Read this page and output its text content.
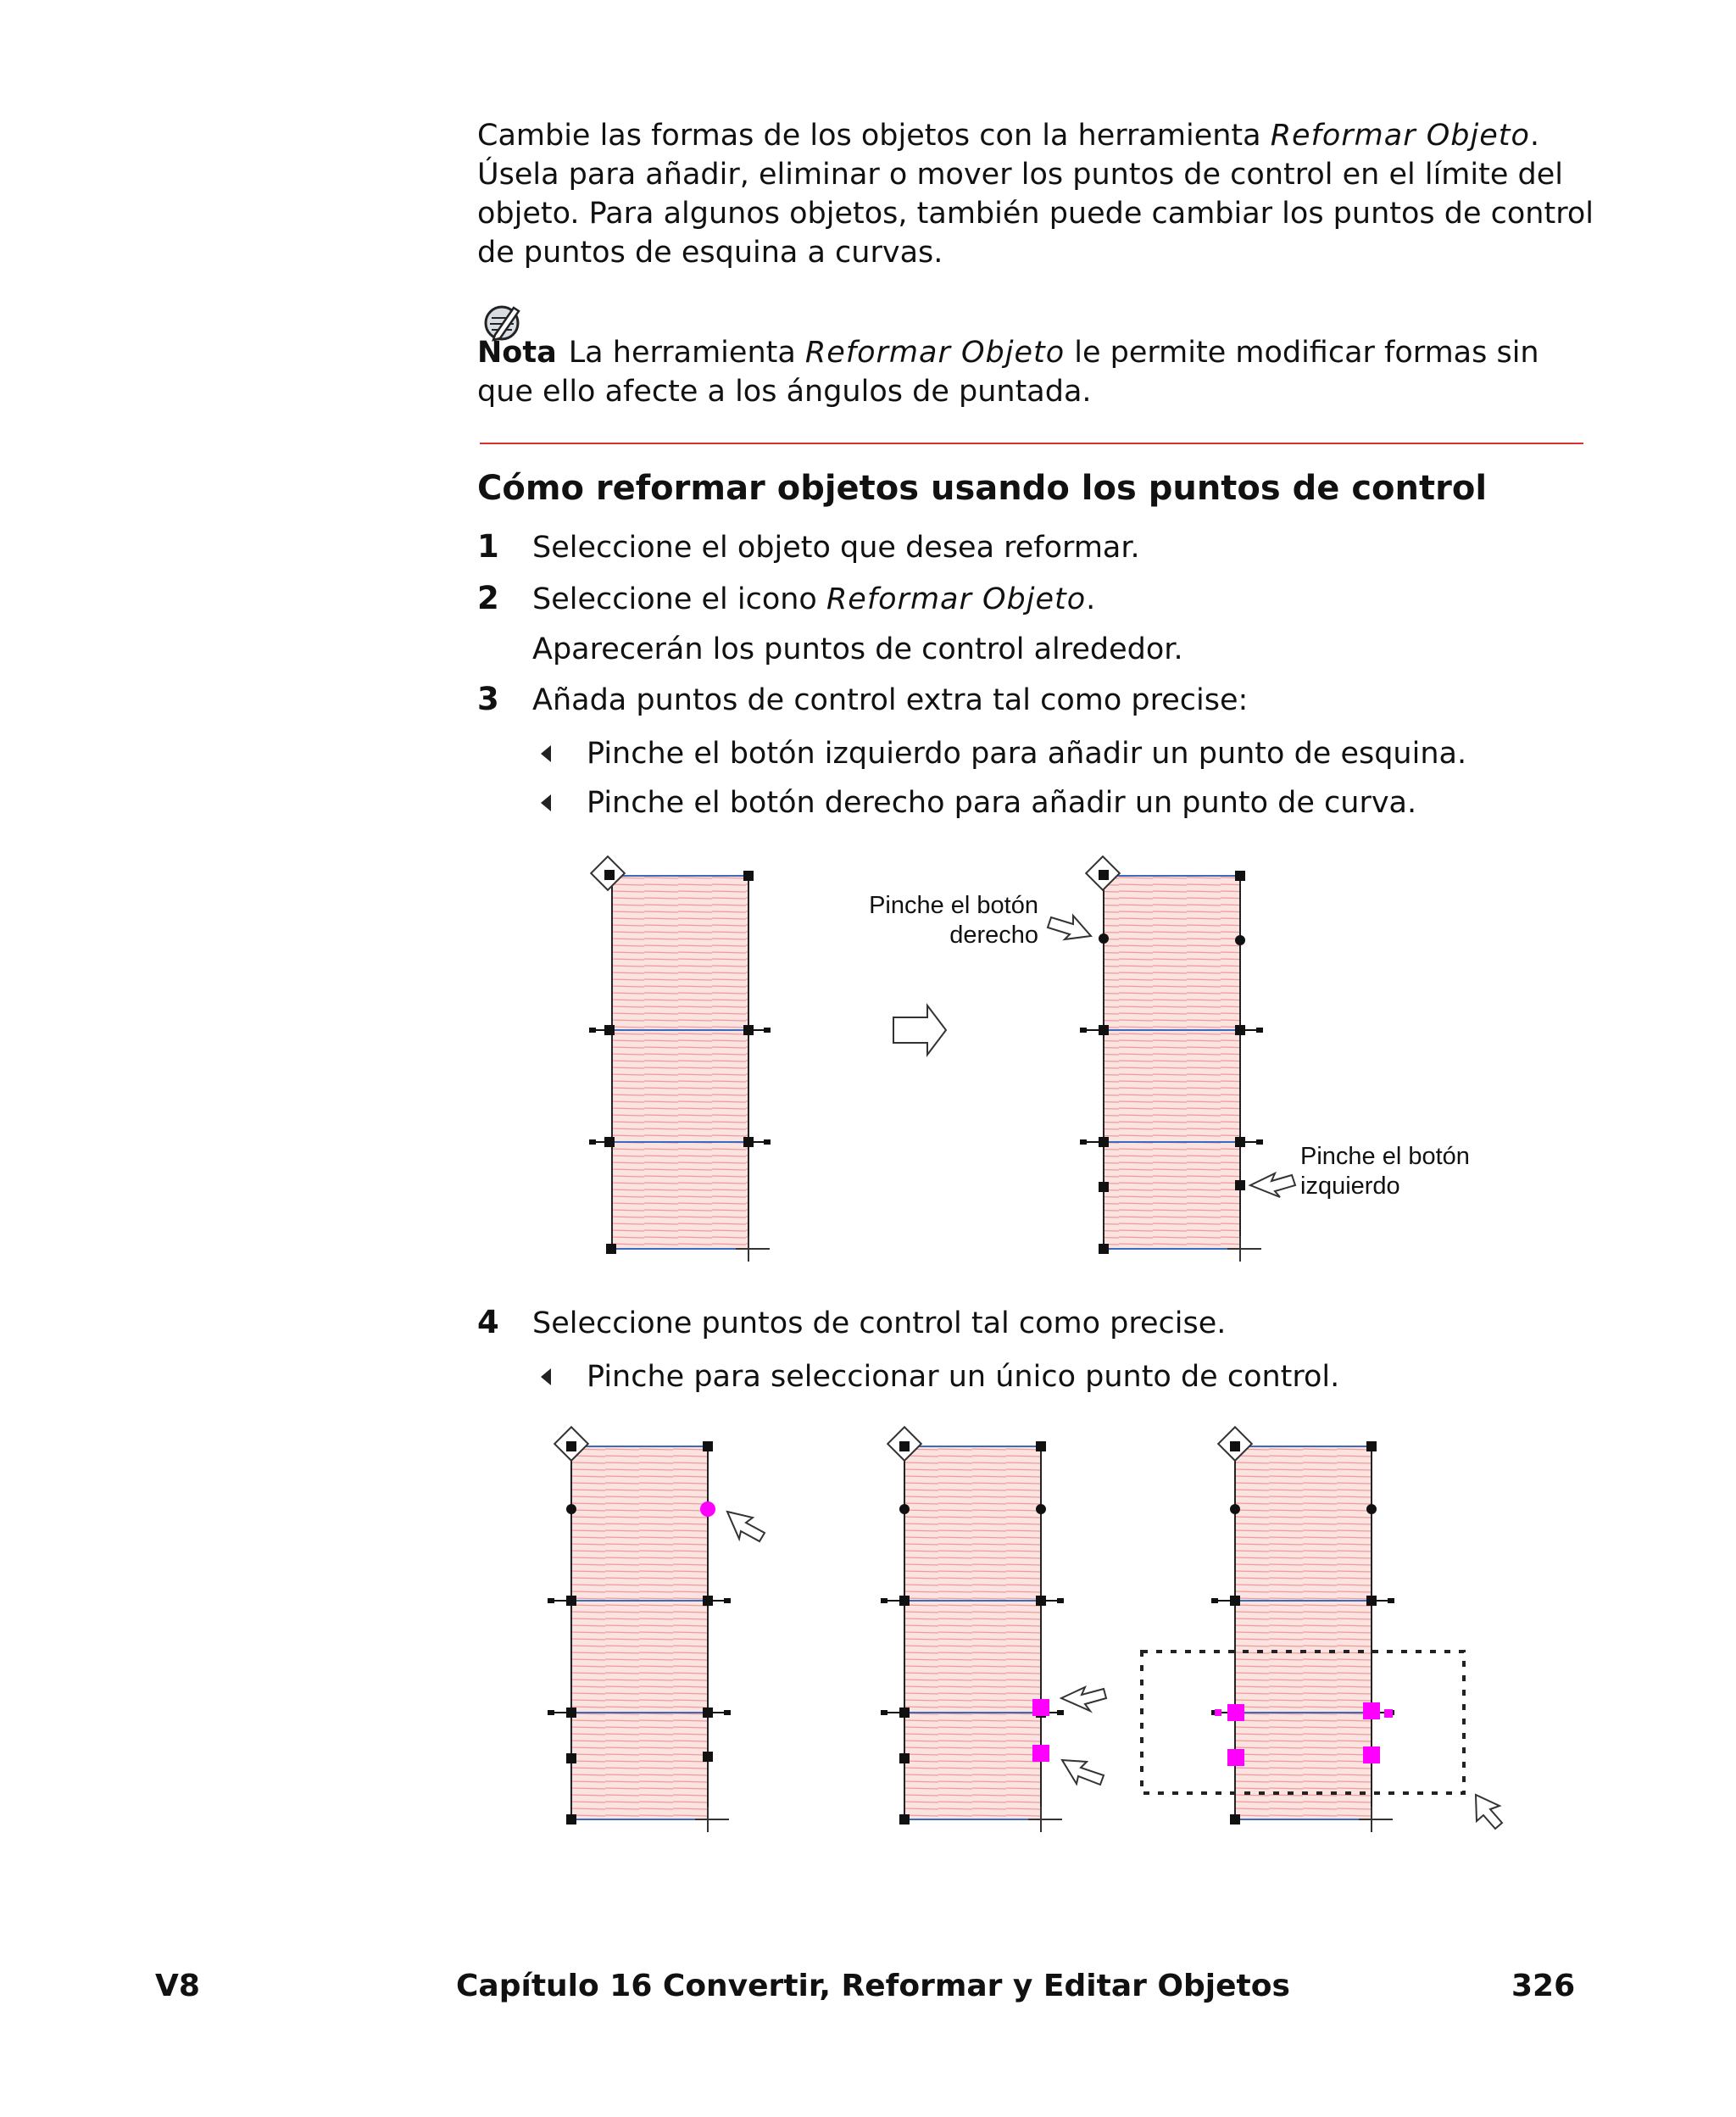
Cambie las formas de los objetos con la herramienta Reformar Objeto. Úsela para añadir, eliminar o mover los puntos de control en el límite del objeto. Para algunos objetos, también puede cambiar los puntos de control de puntos de esquina a curvas.
Nota La herramienta Reformar Objeto le permite modificar formas sin que ello afecte a los ángulos de puntada.
Cómo reformar objetos usando los puntos de control
1 Seleccione el objeto que desea reformar.
2 Seleccione el icono Reformar Objeto.
Aparecerán los puntos de control alrededor.
3 Añada puntos de control extra tal como precise:
Pinche el botón izquierdo para añadir un punto de esquina.
Pinche el botón derecho para añadir un punto de curva.
Pinche el botón
derecho
Pinche el botón
izquierdo
4 Seleccione puntos de control tal como precise.
Pinche para seleccionar un único punto de control.
V8	Capítulo 16 Convertir, Reformar y Editar Objetos	326
